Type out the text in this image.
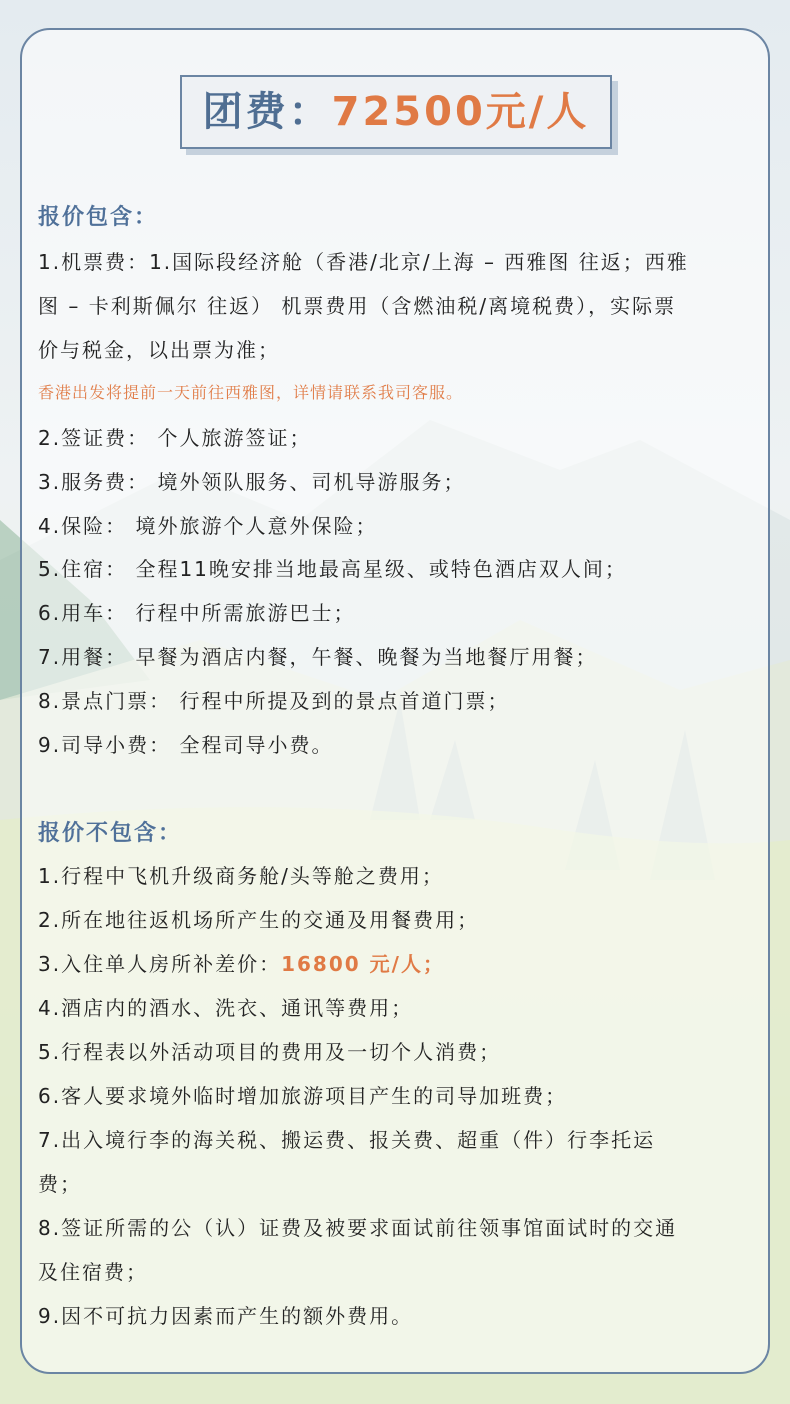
团费：72500元/人
报价包含：
1.机票费：1.国际段经济舱（香港/北京/上海 – 西雅图 往返；西雅
图 – 卡利斯佩尔 往返） 机票费用（含燃油税/离境税费），实际票
价与税金，以出票为准；
香港出发将提前一天前往西雅图，详情请联系我司客服。
2.签证费： 个人旅游签证；
3.服务费： 境外领队服务、司机导游服务；
4.保险： 境外旅游个人意外保险；
5.住宿： 全程11晚安排当地最高星级、或特色酒店双人间；
6.用车： 行程中所需旅游巴士；
7.用餐： 早餐为酒店内餐，午餐、晚餐为当地餐厅用餐；
8.景点门票： 行程中所提及到的景点首道门票；
9.司导小费： 全程司导小费。
报价不包含：
1.行程中飞机升级商务舱/头等舱之费用；
2.所在地往返机场所产生的交通及用餐费用；
3.入住单人房所补差价：16800 元/人；
4.酒店内的酒水、洗衣、通讯等费用；
5.行程表以外活动项目的费用及一切个人消费；
6.客人要求境外临时增加旅游项目产生的司导加班费；
7.出入境行李的海关税、搬运费、报关费、超重（件）行李托运
费；
8.签证所需的公（认）证费及被要求面试前往领事馆面试时的交通
及住宿费；
9.因不可抗力因素而产生的额外费用。
